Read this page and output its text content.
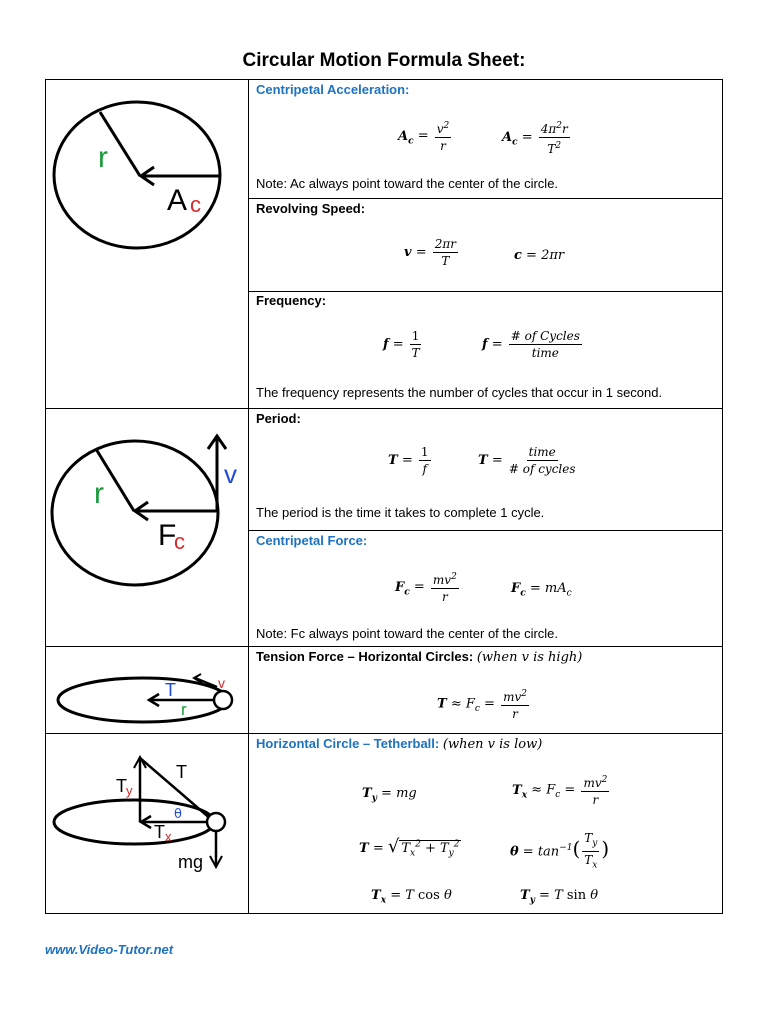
Circular Motion Formula Sheet:
r
A c
Centripetal Acceleration:
$A_c = \frac{v^2}{r}$	$A_c = \frac{4\pi^2r}{T^2}$
Note: Ac always point toward the center of the circle.
Revolving Speed:
$v = \frac{2\pi r}{T}$	c = 2πr
Frequency:
$f = \frac{1}{T}$	$f = \frac{\text{\# of Cycles}}{\text{time}}$
The frequency represents the number of cycles that occur in 1 second.
v
r
F
c
Period:
$T = \frac{1}{f}$	$T = \frac{\text{time}}{\text{\# of cycles}}$
The period is the time it takes to complete 1 cycle.
Centripetal Force:
$F_c = \frac{mv^2}{r}$	$F_c = mA_c$
Note: Fc always point toward the center of the circle.
T
r
v
Tension Force – Horizontal Circles: (when v is high)
$T \approx F_c = \frac{mv^2}{r}$
T y
T
θ
T x
mg
Horizontal Circle – Tetherball: (when v is low)
$T_y$ = mg	$T_x \approx F_c = \frac{mv^2}{r}$
T = √ $T_x^2 + T_y^2$	$\theta = \tan^{-1}( \frac{T_y}{T_x}$ )
$T_x = T$ cos θ	$T_y = T$ sin θ
www.Video-Tutor.net
